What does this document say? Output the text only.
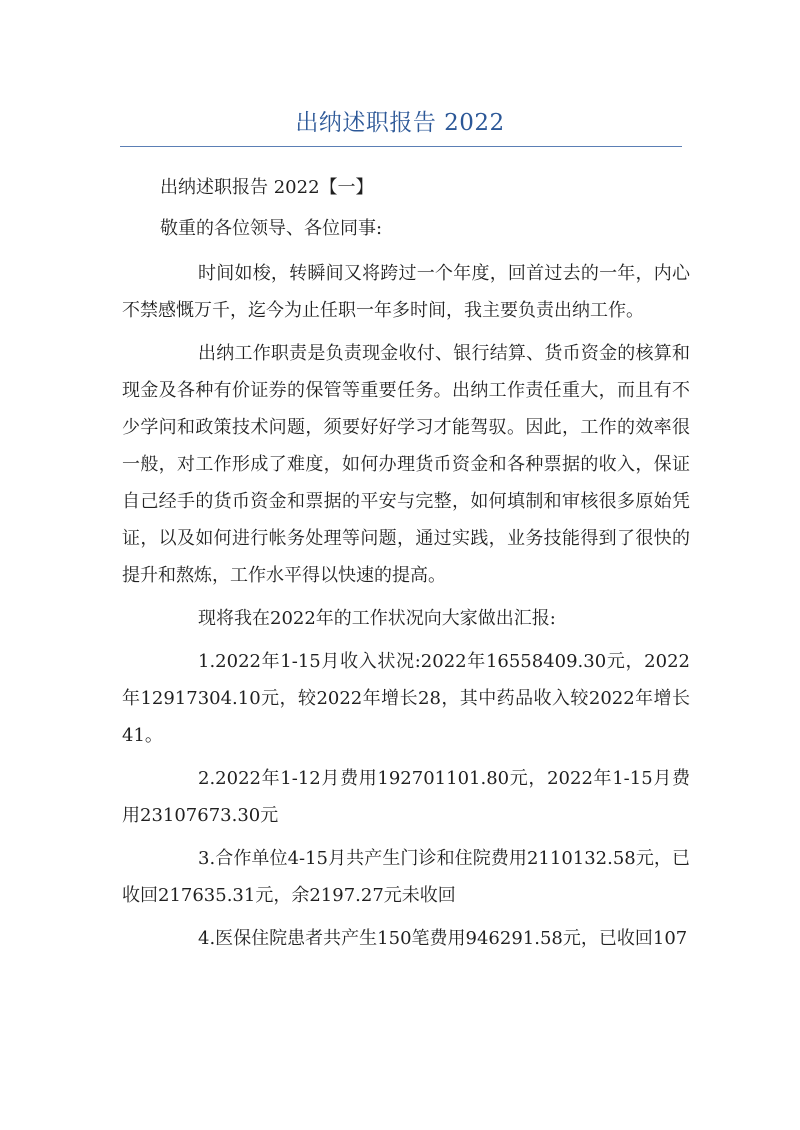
出纳述职报告 2022

出纳述职报告 2022【一】

敬重的各位领导、各位同事:

时间如梭，转瞬间又将跨过一个年度，回首过去的一年，内心不禁感慨万千，迄今为止任职一年多时间，我主要负责出纳工作。

出纳工作职责是负责现金收付、银行结算、货币资金的核算和现金及各种有价证券的保管等重要任务。出纳工作责任重大，而且有不少学问和政策技术问题，须要好好学习才能驾驭。因此，工作的效率很一般，对工作形成了难度，如何办理货币资金和各种票据的收入，保证自己经手的货币资金和票据的平安与完整，如何填制和审核很多原始凭证，以及如何进行帐务处理等问题，通过实践，业务技能得到了很快的提升和熬炼，工作水平得以快速的提高。

现将我在2022年的工作状况向大家做出汇报:

1.2022年1-15月收入状况:2022年16558409.30元，2022年12917304.10元，较2022年增长28，其中药品收入较2022年增长41。

2.2022年1-12月费用192701101.80元，2022年1-15月费用23107673.30元

3.合作单位4-15月共产生门诊和住院费用2110132.58元，已收回217635.31元，余2197.27元未收回

4.医保住院患者共产生150笔费用946291.58元，已收回107
